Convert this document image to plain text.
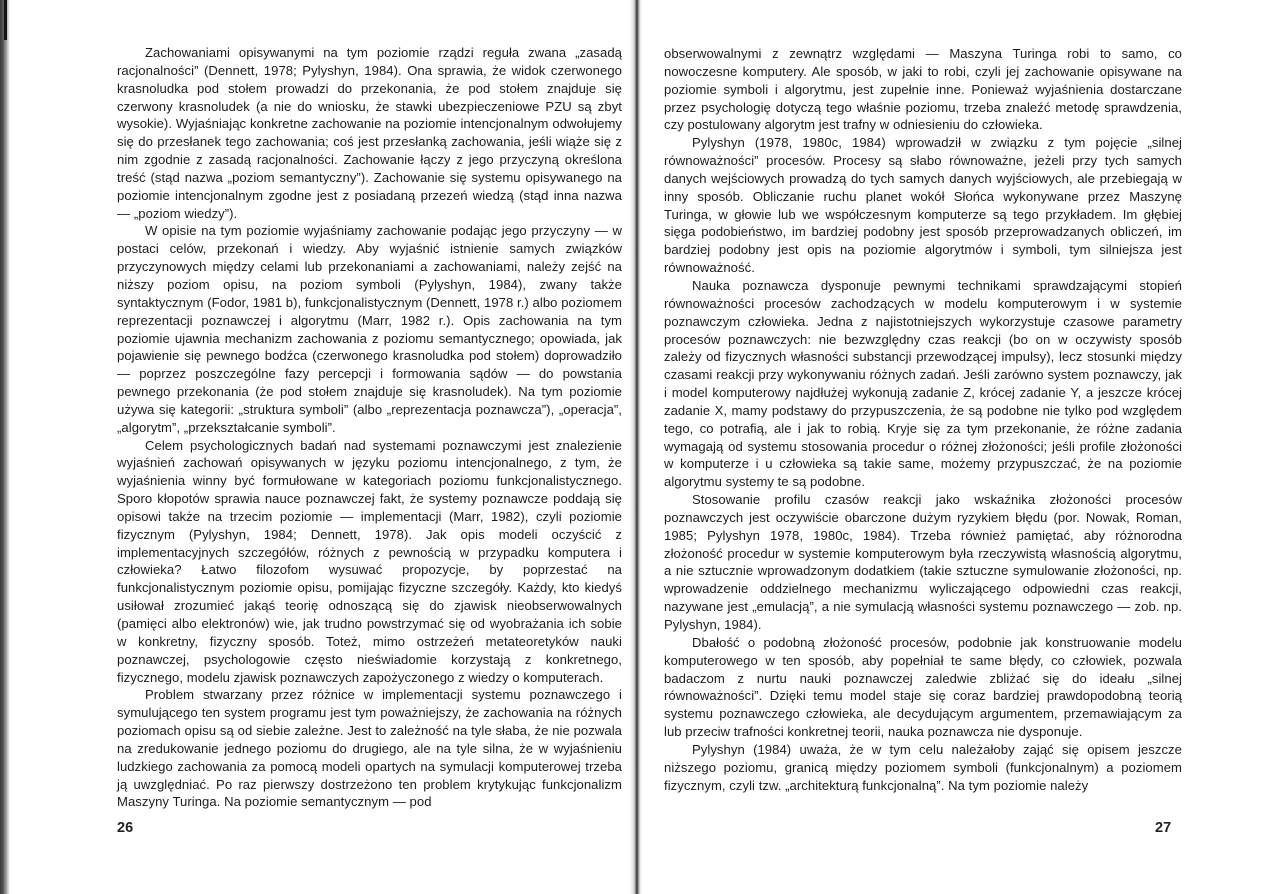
Zachowaniami opisywanymi na tym poziomie rządzi reguła zwana „zasadą racjonalności” (Dennett, 1978; Pylyshyn, 1984). Ona sprawia, że widok czerwonego krasnoludka pod stołem prowadzi do przekonania, że pod stołem znajduje się czerwony krasnoludek (a nie do wniosku, że stawki ubezpieczeniowe PZU są zbyt wysokie). Wyjaśniając konkretne zachowanie na poziomie intencjonalnym odwołujemy się do przesłanek tego zachowania; coś jest przesłanką zachowania, jeśli wiąże się z nim zgodnie z zasadą racjonalności. Zachowanie łączy z jego przyczyną określona treść (stąd nazwa „poziom semantyczny”). Zachowanie się systemu opisywanego na poziomie intencjonalnym zgodne jest z posiadaną przezeń wiedzą (stąd inna nazwa — „poziom wiedzy”).

W opisie na tym poziomie wyjaśniamy zachowanie podając jego przyczyny — w postaci celów, przekonań i wiedzy. Aby wyjaśnić istnienie samych związków przyczynowych między celami lub przekonaniami a zachowaniami, należy zejść na niższy poziom opisu, na poziom symboli (Pylyshyn, 1984), zwany także syntaktycznym (Fodor, 1981 b), funkcjonalistycznym (Dennett, 1978 r.) albo poziomem reprezentacji poznawczej i algorytmu (Marr, 1982 r.). Opis zachowania na tym poziomie ujawnia mechanizm zachowania z poziomu semantycznego; opowiada, jak pojawienie się pewnego bodźca (czerwonego krasnoludka pod stołem) doprowadziło — poprzez poszczególne fazy percepcji i formowania sądów — do powstania pewnego przekonania (że pod stołem znajduje się krasnoludek). Na tym poziomie używa się kategorii: „struktura symboli” (albo „reprezentacja poznawcza”), „operacja”, „algorytm”, „przekształcanie symboli”.

Celem psychologicznych badań nad systemami poznawczymi jest znalezienie wyjaśnień zachowań opisywanych w języku poziomu intencjonalnego, z tym, że wyjaśnienia winny być formułowane w kategoriach poziomu funkcjonalistycznego. Sporo kłopotów sprawia nauce poznawczej fakt, że systemy poznawcze poddają się opisowi także na trzecim poziomie — implementacji (Marr, 1982), czyli poziomie fizycznym (Pylyshyn, 1984; Dennett, 1978). Jak opis modeli oczyścić z implementacyjnych szczegółów, różnych z pewnością w przypadku komputera i człowieka? Łatwo filozofom wysuwać propozycje, by poprzestać na funkcjonalistycznym poziomie opisu, pomijając fizyczne szczegóły. Każdy, kto kiedyś usiłował zrozumieć jakąś teorię odnoszącą się do zjawisk nieobserwowalnych (pamięci albo elektronów) wie, jak trudno powstrzymać się od wyobrażania ich sobie w konkretny, fizyczny sposób. Toteż, mimo ostrzeżeń metateoretyków nauki poznawczej, psychologowie często nieświadomie korzystają z konkretnego, fizycznego, modelu zjawisk poznawczych zapożyczonego z wiedzy o komputerach.

Problem stwarzany przez różnice w implementacji systemu poznawczego i symulującego ten system programu jest tym poważniejszy, że zachowania na różnych poziomach opisu są od siebie zależne. Jest to zależność na tyle słaba, że nie pozwala na zredukowanie jednego poziomu do drugiego, ale na tyle silna, że w wyjaśnieniu ludzkiego zachowania za pomocą modeli opartych na symulacji komputerowej trzeba ją uwzględniać. Po raz pierwszy dostrzeżono ten problem krytykując funkcjonalizm Maszyny Turinga. Na poziomie semantycznym — pod

26

obserwowalnymi z zewnątrz względami — Maszyna Turinga robi to samo, co nowoczesne komputery. Ale sposób, w jaki to robi, czyli jej zachowanie opisywane na poziomie symboli i algorytmu, jest zupełnie inne. Ponieważ wyjaśnienia dostarczane przez psychologię dotyczą tego właśnie poziomu, trzeba znaleźć metodę sprawdzenia, czy postulowany algorytm jest trafny w odniesieniu do człowieka.

Pylyshyn (1978, 1980c, 1984) wprowadził w związku z tym pojęcie „silnej równoważności” procesów. Procesy są słabo równoważne, jeżeli przy tych samych danych wejściowych prowadzą do tych samych danych wyjściowych, ale przebiegają w inny sposób. Obliczanie ruchu planet wokół Słońca wykonywane przez Maszynę Turinga, w głowie lub we współczesnym komputerze są tego przykładem. Im głębiej sięga podobieństwo, im bardziej podobny jest sposób przeprowadzanych obliczeń, im bardziej podobny jest opis na poziomie algorytmów i symboli, tym silniejsza jest równoważność.

Nauka poznawcza dysponuje pewnymi technikami sprawdzającymi stopień równoważności procesów zachodzących w modelu komputerowym i w systemie poznawczym człowieka. Jedna z najistotniejszych wykorzystuje czasowe parametry procesów poznawczych: nie bezwzględny czas reakcji (bo on w oczywisty sposób zależy od fizycznych własności substancji przewodzącej impulsy), lecz stosunki między czasami reakcji przy wykonywaniu różnych zadań. Jeśli zarówno system poznawczy, jak i model komputerowy najdłużej wykonują zadanie Z, krócej zadanie Y, a jeszcze krócej zadanie X, mamy podstawy do przypuszczenia, że są podobne nie tylko pod względem tego, co potrafią, ale i jak to robią. Kryje się za tym przekonanie, że różne zadania wymagają od systemu stosowania procedur o różnej złożoności; jeśli profile złożoności w komputerze i u człowieka są takie same, możemy przypuszczać, że na poziomie algorytmu systemy te są podobne.

Stosowanie profilu czasów reakcji jako wskaźnika złożoności procesów poznawczych jest oczywiście obarczone dużym ryzykiem błędu (por. Nowak, Roman, 1985; Pylyshyn 1978, 1980c, 1984). Trzeba również pamiętać, aby różnorodna złożoność procedur w systemie komputerowym była rzeczywistą własnością algorytmu, a nie sztucznie wprowadzonym dodatkiem (takie sztuczne symulowanie złożoności, np. wprowadzenie oddzielnego mechanizmu wyliczającego odpowiedni czas reakcji, nazywane jest „emulacją”, a nie symulacją własności systemu poznawczego — zob. np. Pylyshyn, 1984).

Dbałość o podobną złożoność procesów, podobnie jak konstruowanie modelu komputerowego w ten sposób, aby popełniał te same błędy, co człowiek, pozwala badaczom z nurtu nauki poznawczej zaledwie zbliżać się do ideału „silnej równoważności”. Dzięki temu model staje się coraz bardziej prawdopodobną teorią systemu poznawczego człowieka, ale decydującym argumentem, przemawiającym za lub przeciw trafności konkretnej teorii, nauka poznawcza nie dysponuje.

Pylyshyn (1984) uważa, że w tym celu należałoby zająć się opisem jeszcze niższego poziomu, granicą między poziomem symboli (funkcjonalnym) a poziomem fizycznym, czyli tzw. „architekturą funkcjonalną”. Na tym poziomie należy

27
